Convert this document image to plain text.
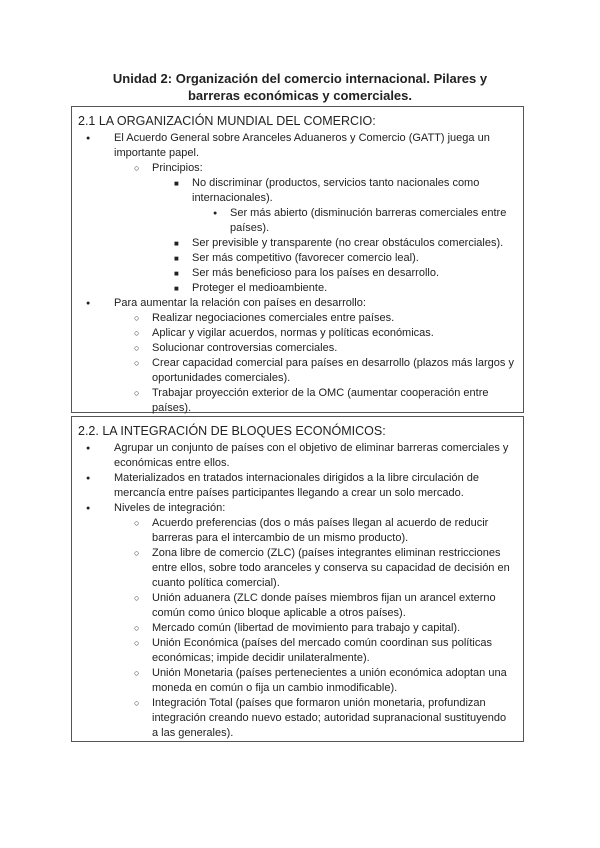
Unidad 2: Organización del comercio internacional. Pilares y barreras económicas y comerciales.
2.1 LA ORGANIZACIÓN MUNDIAL DEL COMERCIO:
● El Acuerdo General sobre Aranceles Aduaneros y Comercio (GATT) juega un importante papel.
○ Principios:
■ No discriminar (productos, servicios tanto nacionales como internacionales).
● Ser más abierto (disminución barreras comerciales entre países).
■ Ser previsible y transparente (no crear obstáculos comerciales).
■ Ser más competitivo (favorecer comercio leal).
■ Ser más beneficioso para los países en desarrollo.
■ Proteger el medioambiente.
● Para aumentar la relación con países en desarrollo:
○ Realizar negociaciones comerciales entre países.
○ Aplicar y vigilar acuerdos, normas y políticas económicas.
○ Solucionar controversias comerciales.
○ Crear capacidad comercial para países en desarrollo (plazos más largos y oportunidades comerciales).
○ Trabajar proyección exterior de la OMC (aumentar cooperación entre países).
2.2. LA INTEGRACIÓN DE BLOQUES ECONÓMICOS:
● Agrupar un conjunto de países con el objetivo de eliminar barreras comerciales y económicas entre ellos.
● Materializados en tratados internacionales dirigidos a la libre circulación de mercancía entre países participantes llegando a crear un solo mercado.
● Niveles de integración:
○ Acuerdo preferencias (dos o más países llegan al acuerdo de reducir barreras para el intercambio de un mismo producto).
○ Zona libre de comercio (ZLC) (países integrantes eliminan restricciones entre ellos, sobre todo aranceles y conserva su capacidad de decisión en cuanto política comercial).
○ Unión aduanera (ZLC donde países miembros fijan un arancel externo común como único bloque aplicable a otros países).
○ Mercado común (libertad de movimiento para trabajo y capital).
○ Unión Económica (países del mercado común coordinan sus políticas económicas; impide decidir unilateralmente).
○ Unión Monetaria (países pertenecientes a unión económica adoptan una moneda en común o fija un cambio inmodificable).
○ Integración Total (países que formaron unión monetaria, profundizan integración creando nuevo estado; autoridad supranacional sustituyendo a las generales).
